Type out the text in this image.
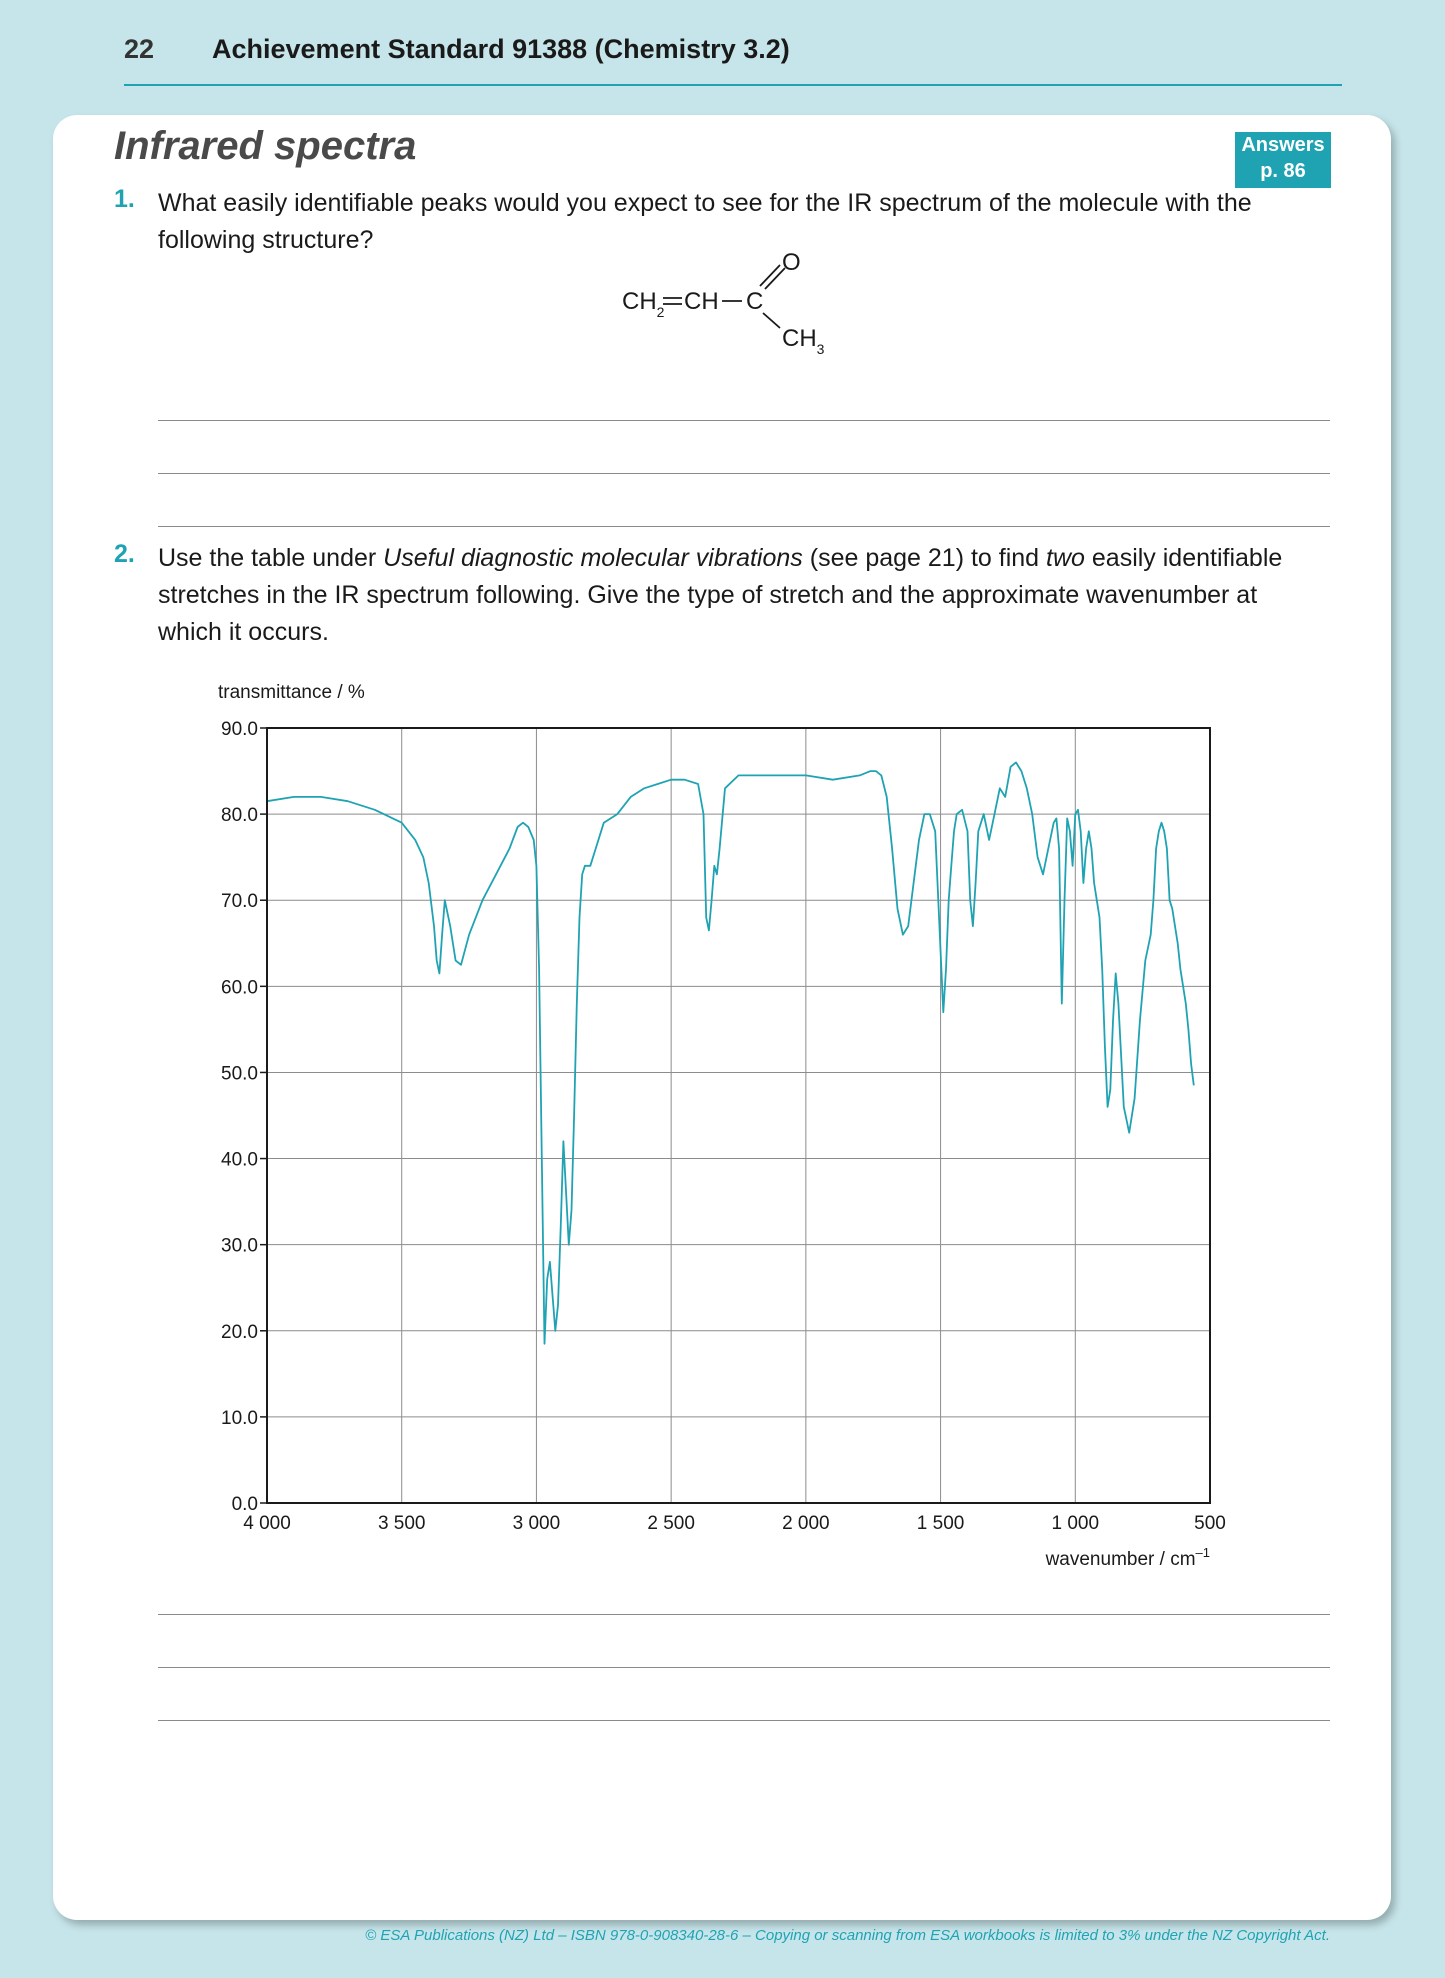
22 Achievement Standard 91388 (Chemistry 3.2)
Infrared spectra	Answers
p. 86
1. What easily identifiable peaks would you expect to see for the IR spectrum of the molecule with the following structure?
$CH_2$ CH C
O
$CH_3$
2. Use the table under Useful diagnostic molecular vibrations (see page 21) to find two easily identifiable stretches in the IR spectrum following. Give the type of stretch and the approximate wavenumber at which it occurs.
0.0
10.0
20.0
30.0
40.0
50.0
60.0
70.0
80.0
90.0
4 000	3 500	3 000	2 500	2 000	1 500	1 000	500
transmittance / %
wavenumber / $cm^{-1}$
© ESA Publications (NZ) Ltd – ISBN 978-0-908340-28-6 – Copying or scanning from ESA workbooks is limited to 3% under the NZ Copyright Act.
